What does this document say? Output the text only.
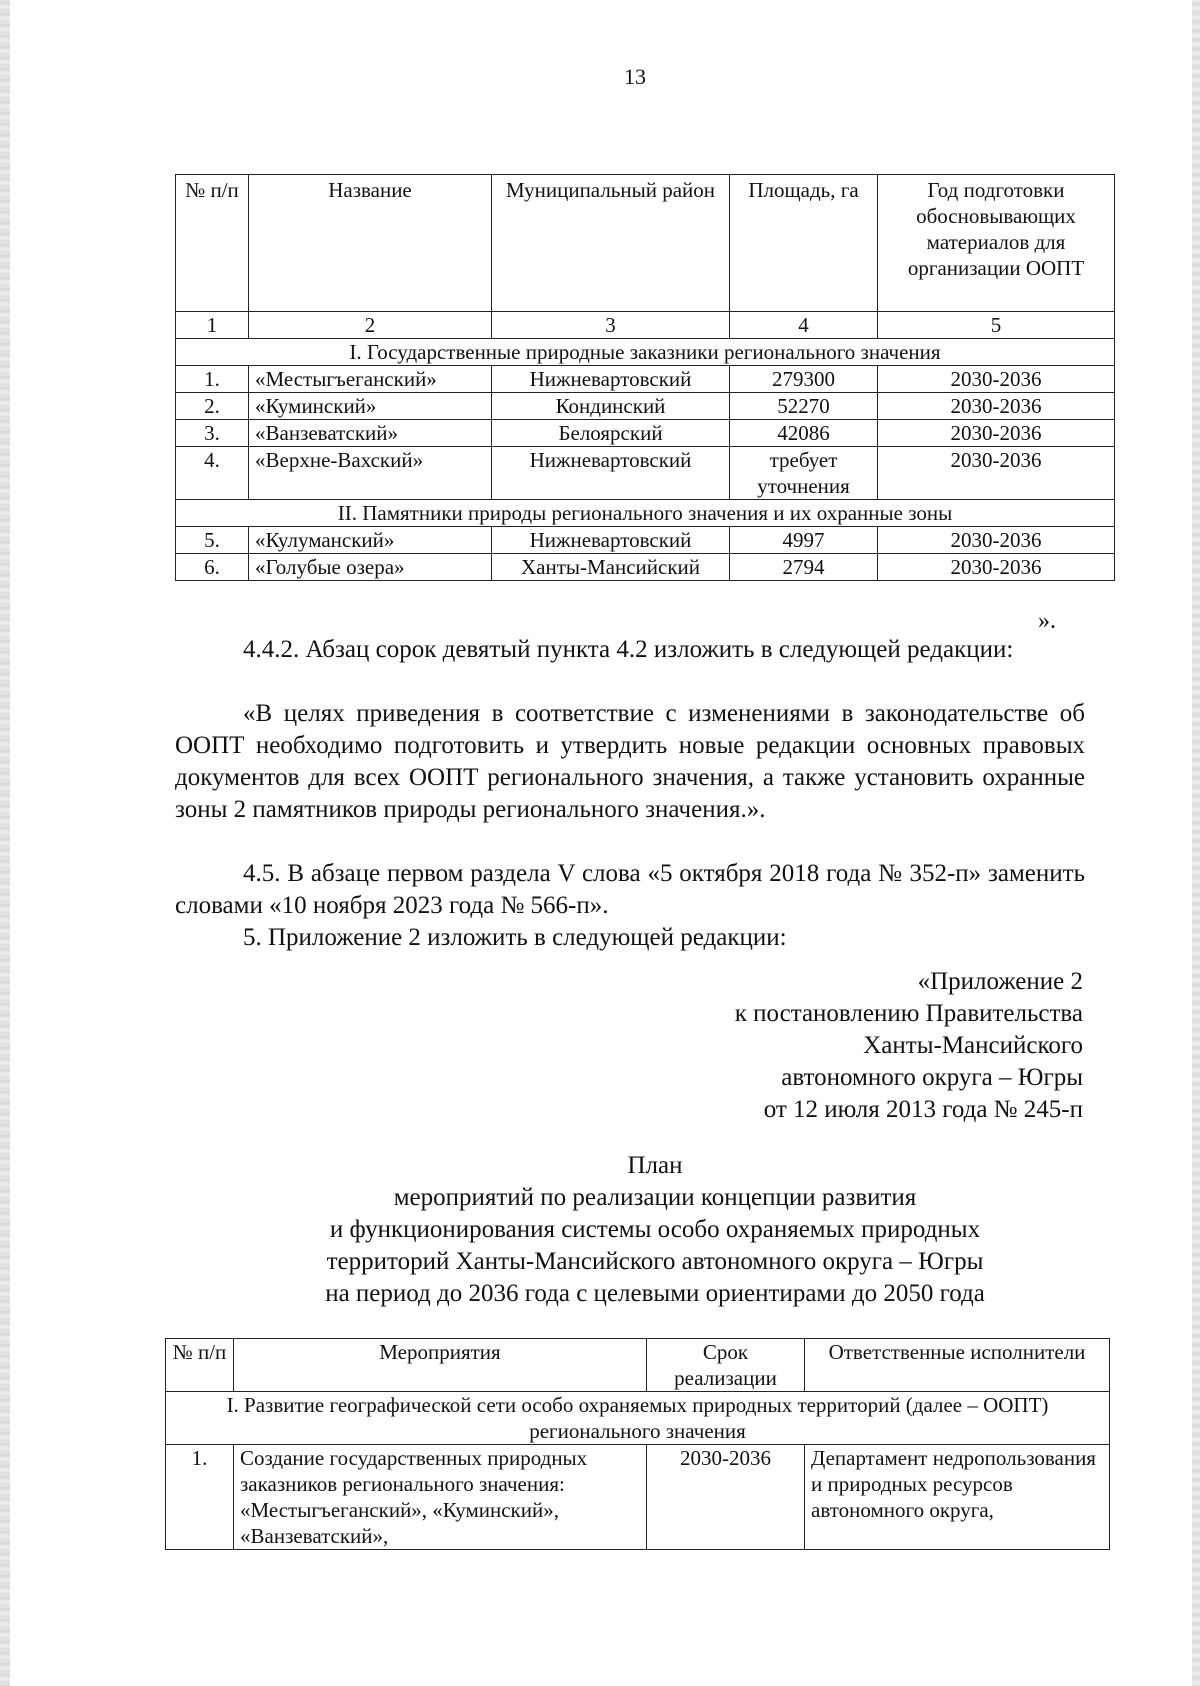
13
№ п/п	Название	Муниципальный район	Площадь, га	Год подготовки обосновывающих материалов для организации ООПТ
1	2	3	4	5
I. Государственные природные заказники регионального значения				
1.	«Местыгъеганский»	Нижневартовский	279300	2030-2036
2.	«Куминский»	Кондинский	52270	2030-2036
3.	«Ванзеватский»	Белоярский	42086	2030-2036
4.	«Верхне-Вахский»	Нижневартовский	требует уточнения	2030-2036
II. Памятники природы регионального значения и их охранные зоны				
5.	«Кулуманский»	Нижневартовский	4997	2030-2036
6.	«Голубые озера»	Ханты-Мансийский	2794	2030-2036
».
4.4.2. Абзац сорок девятый пункта 4.2 изложить в следующей редакции:
«В целях приведения в соответствие с изменениями в законодательстве об ООПТ необходимо подготовить и утвердить новые редакции основных правовых документов для всех ООПТ регионального значения, а также установить охранные зоны 2 памятников природы регионального значения.».
4.5. В абзаце первом раздела V слова «5 октября 2018 года № 352-п» заменить словами «10 ноября 2023 года № 566-п».
5. Приложение 2 изложить в следующей редакции:
«Приложение 2
к постановлению Правительства
Ханты-Мансийского
автономного округа – Югры
от 12 июля 2013 года № 245-п
План
мероприятий по реализации концепции развития
и функционирования системы особо охраняемых природных
территорий Ханты-Мансийского автономного округа – Югры
на период до 2036 года с целевыми ориентирами до 2050 года
№ п/п	Мероприятия	Срок реализации	Ответственные исполнители
I. Развитие географической сети особо охраняемых природных территорий (далее – ООПТ) регионального значения			
1.	Создание государственных природных заказников регионального значения: «Местыгъеганский», «Куминский», «Ванзеватский»,	2030-2036	Департамент недропользования и природных ресурсов автономного округа,
